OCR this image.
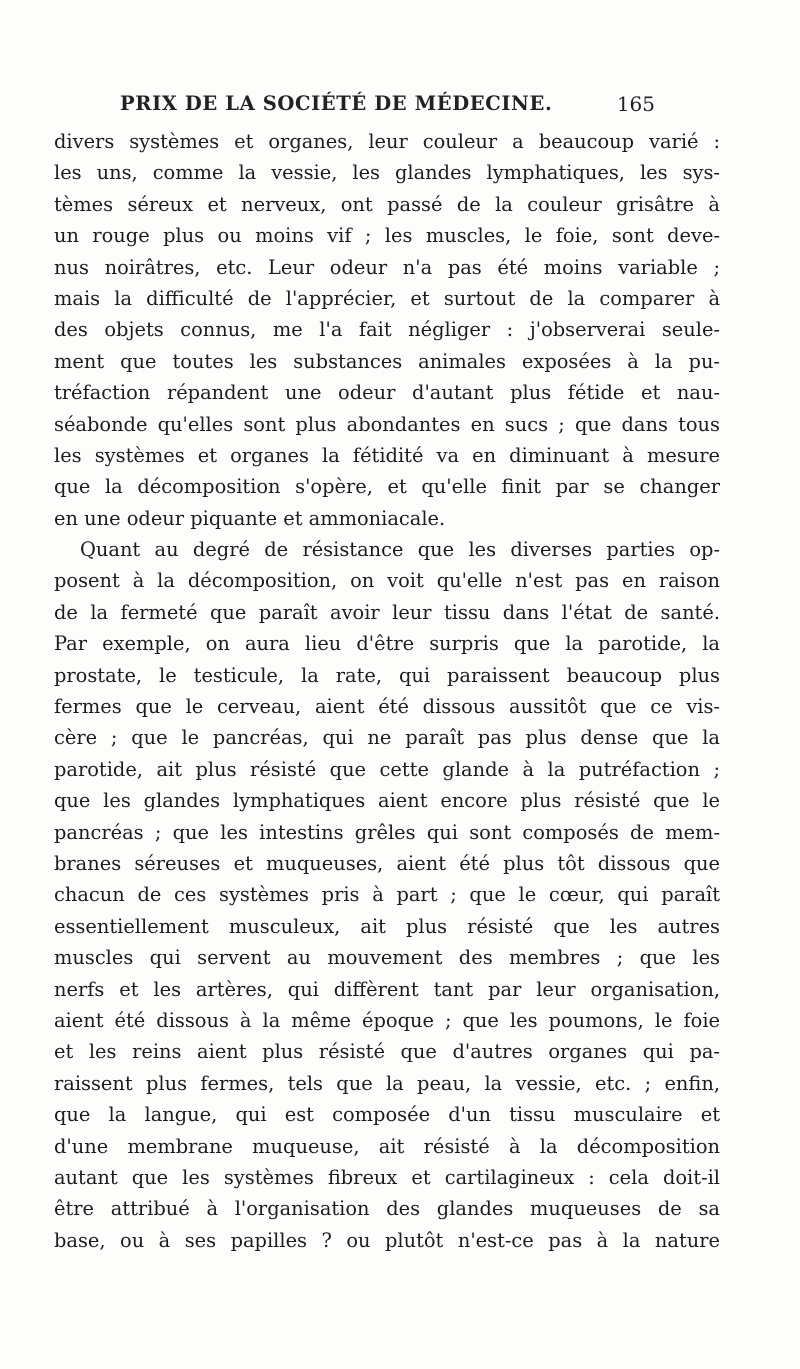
PRIX DE LA SOCIÉTÉ DE MÉDECINE.	165
divers systèmes et organes, leur couleur a beaucoup varié :
les uns, comme la vessie, les glandes lymphatiques, les sys-
tèmes séreux et nerveux, ont passé de la couleur grisâtre à
un rouge plus ou moins vif ; les muscles, le foie, sont deve-
nus noirâtres, etc. Leur odeur n'a pas été moins variable ;
mais la difficulté de l'apprécier, et surtout de la comparer à
des objets connus, me l'a fait négliger : j'observerai seule-
ment que toutes les substances animales exposées à la pu-
tréfaction répandent une odeur d'autant plus fétide et nau-
séabonde qu'elles sont plus abondantes en sucs ; que dans tous
les systèmes et organes la fétidité va en diminuant à mesure
que la décomposition s'opère, et qu'elle finit par se changer
en une odeur piquante et ammoniacale.
Quant au degré de résistance que les diverses parties op-
posent à la décomposition, on voit qu'elle n'est pas en raison
de la fermeté que paraît avoir leur tissu dans l'état de santé.
Par exemple, on aura lieu d'être surpris que la parotide, la
prostate, le testicule, la rate, qui paraissent beaucoup plus
fermes que le cerveau, aient été dissous aussitôt que ce vis-
cère ; que le pancréas, qui ne paraît pas plus dense que la
parotide, ait plus résisté que cette glande à la putréfaction ;
que les glandes lymphatiques aient encore plus résisté que le
pancréas ; que les intestins grêles qui sont composés de mem-
branes séreuses et muqueuses, aient été plus tôt dissous que
chacun de ces systèmes pris à part ; que le cœur, qui paraît
essentiellement musculeux, ait plus résisté que les autres
muscles qui servent au mouvement des membres ; que les
nerfs et les artères, qui diffèrent tant par leur organisation,
aient été dissous à la même époque ; que les poumons, le foie
et les reins aient plus résisté que d'autres organes qui pa-
raissent plus fermes, tels que la peau, la vessie, etc. ; enfin,
que la langue, qui est composée d'un tissu musculaire et
d'une membrane muqueuse, ait résisté à la décomposition
autant que les systèmes fibreux et cartilagineux : cela doit-il
être attribué à l'organisation des glandes muqueuses de sa
base, ou à ses papilles ? ou plutôt n'est-ce pas à la nature
